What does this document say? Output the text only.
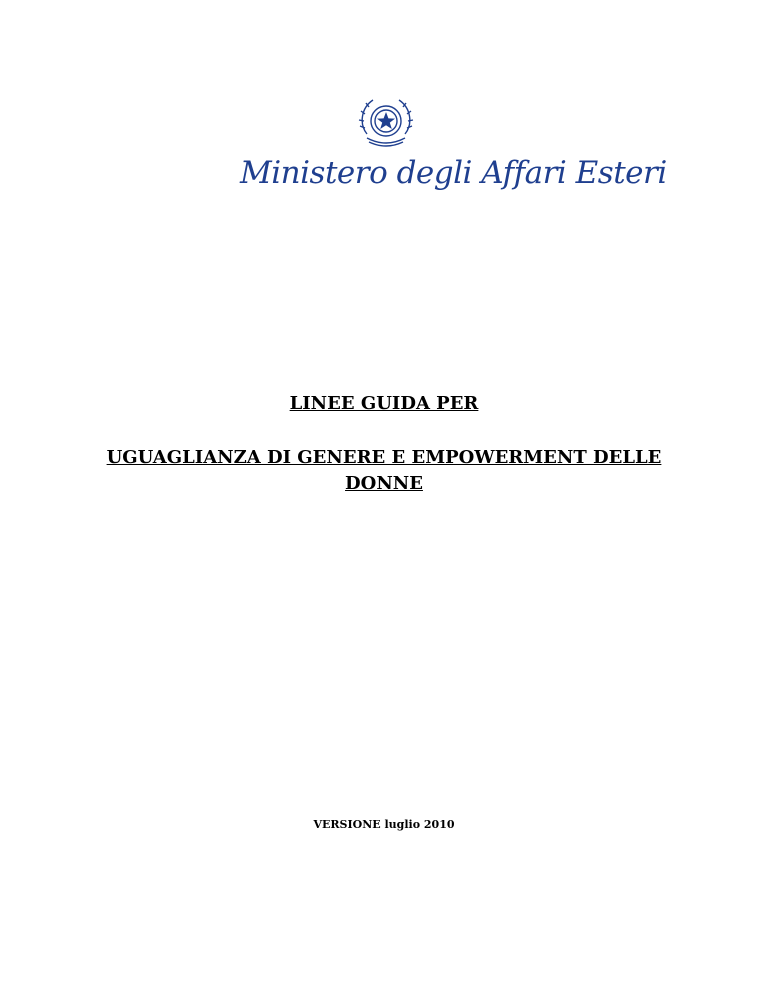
Ministero degli Affari Esteri
LINEE GUIDA PER
UGUAGLIANZA DI GENERE E EMPOWERMENT DELLE DONNE
VERSIONE luglio 2010
